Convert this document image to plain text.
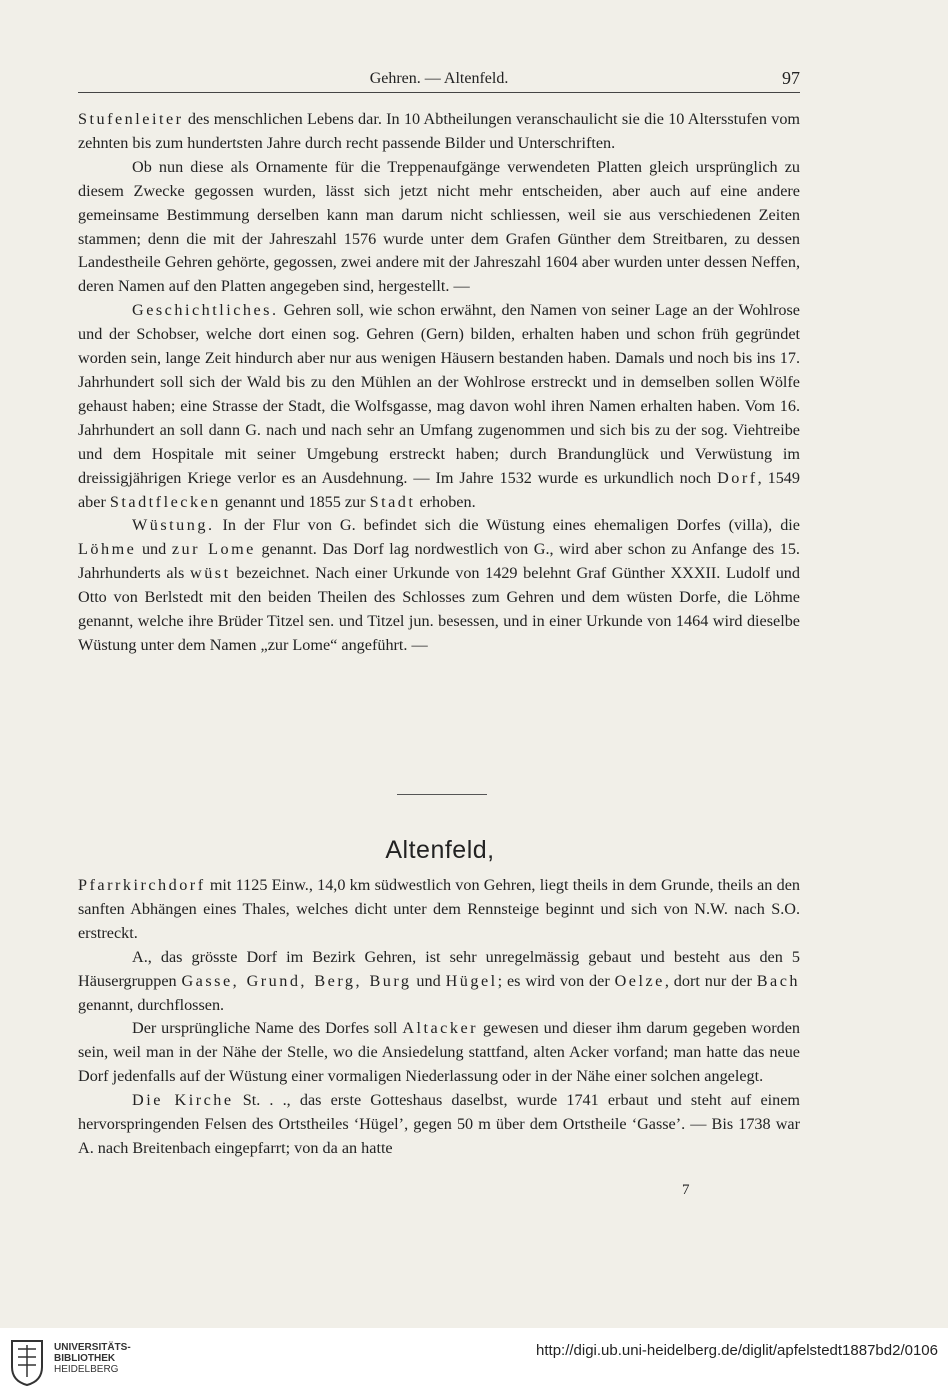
Gehren. — Altenfeld.	97

Stufenleiter des menschlichen Lebens dar. In 10 Abtheilungen veranschaulicht sie die 10 Altersstufen vom zehnten bis zum hundertsten Jahre durch recht passende Bilder und Unterschriften.

Ob nun diese als Ornamente für die Treppenaufgänge verwendeten Platten gleich ursprünglich zu diesem Zwecke gegossen wurden, lässt sich jetzt nicht mehr entscheiden, aber auch auf eine andere gemeinsame Bestimmung derselben kann man darum nicht schliessen, weil sie aus verschiedenen Zeiten stammen; denn die mit der Jahreszahl 1576 wurde unter dem Grafen Günther dem Streitbaren, zu dessen Landestheile Gehren gehörte, gegossen, zwei andere mit der Jahreszahl 1604 aber wurden unter dessen Neffen, deren Namen auf den Platten angegeben sind, hergestellt. —

Geschichtliches. Gehren soll, wie schon erwähnt, den Namen von seiner Lage an der Wohlrose und der Schobser, welche dort einen sog. Gehren (Gern) bilden, erhalten haben und schon früh gegründet worden sein, lange Zeit hindurch aber nur aus wenigen Häusern bestanden haben. Damals und noch bis ins 17. Jahrhundert soll sich der Wald bis zu den Mühlen an der Wohlrose erstreckt und in demselben sollen Wölfe gehaust haben; eine Strasse der Stadt, die Wolfsgasse, mag davon wohl ihren Namen erhalten haben. Vom 16. Jahrhundert an soll dann G. nach und nach sehr an Umfang zugenommen und sich bis zu der sog. Viehtreibe und dem Hospitale mit seiner Umgebung erstreckt haben; durch Brandunglück und Verwüstung im dreissigjährigen Kriege verlor es an Ausdehnung. — Im Jahre 1532 wurde es urkundlich noch Dorf, 1549 aber Stadtflecken genannt und 1855 zur Stadt erhoben.

Wüstung. In der Flur von G. befindet sich die Wüstung eines ehemaligen Dorfes (villa), die Löhme und zur Lome genannt. Das Dorf lag nordwestlich von G., wird aber schon zu Anfange des 15. Jahrhunderts als wüst bezeichnet. Nach einer Urkunde von 1429 belehnt Graf Günther XXXII. Ludolf und Otto von Berlstedt mit den beiden Theilen des Schlosses zum Gehren und dem wüsten Dorfe, die Löhme genannt, welche ihre Brüder Titzel sen. und Titzel jun. besessen, und in einer Urkunde von 1464 wird dieselbe Wüstung unter dem Namen „zur Lome“ angeführt. —

Altenfeld,

Pfarrkirchdorf mit 1125 Einw., 14,0 km südwestlich von Gehren, liegt theils in dem Grunde, theils an den sanften Abhängen eines Thales, welches dicht unter dem Rennsteige beginnt und sich von N.W. nach S.O. erstreckt.

A., das grösste Dorf im Bezirk Gehren, ist sehr unregelmässig gebaut und besteht aus den 5 Häusergruppen Gasse, Grund, Berg, Burg und Hügel; es wird von der Oelze, dort nur der Bach genannt, durchflossen.

Der ursprüngliche Name des Dorfes soll Altacker gewesen und dieser ihm darum gegeben worden sein, weil man in der Nähe der Stelle, wo die Ansiedelung stattfand, alten Acker vorfand; man hatte das neue Dorf jedenfalls auf der Wüstung einer vormaligen Niederlassung oder in der Nähe einer solchen angelegt.

Die Kirche St. . ., das erste Gotteshaus daselbst, wurde 1741 erbaut und steht auf einem hervorspringenden Felsen des Ortstheiles ‘Hügel’, gegen 50 m über dem Ortstheile ‘Gasse’. — Bis 1738 war A. nach Breitenbach eingepfarrt; von da an hatte

7
UNIVERSITÄTS-
BIBLIOTHEK
HEIDELBERG
http://digi.ub.uni-heidelberg.de/diglit/apfelstedt1887bd2/0106
